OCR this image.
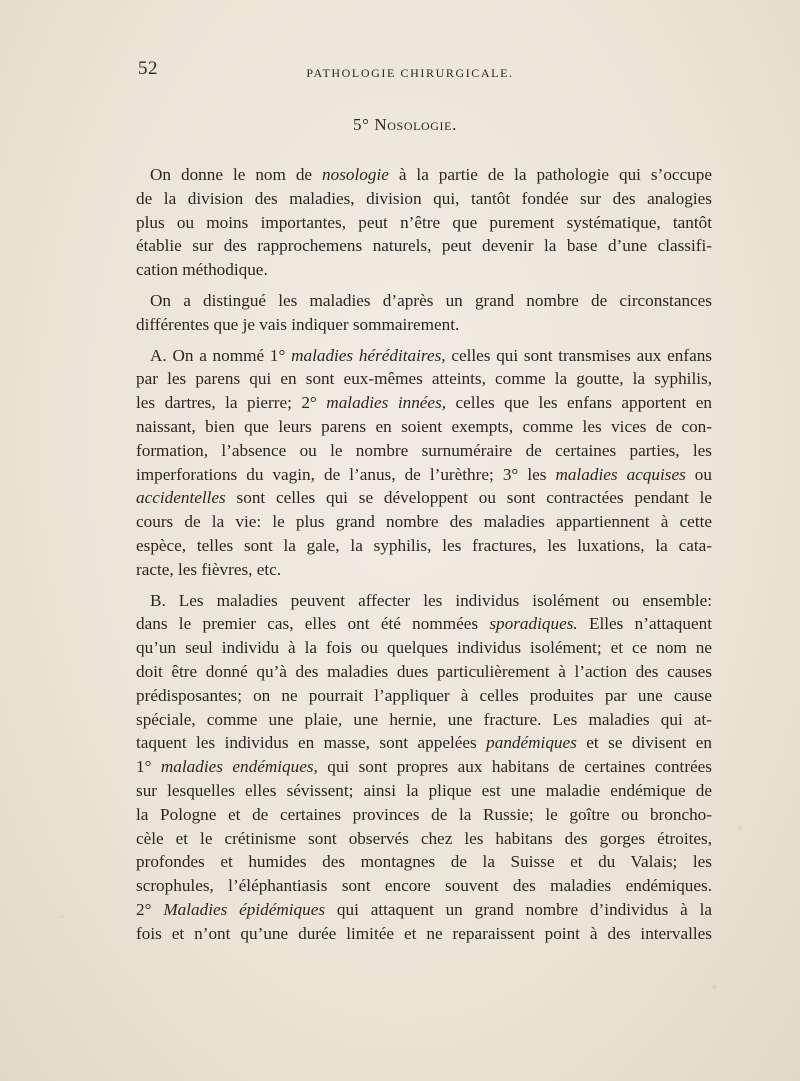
52	PATHOLOGIE CHIRURGICALE.
5° Nosologie.

On donne le nom de nosologie à la partie de la pathologie qui s’occupe
de la division des maladies, division qui, tantôt fondée sur des analogies
plus ou moins importantes, peut n’être que purement systématique, tantôt
établie sur des rapprochemens naturels, peut devenir la base d’une classifi-
cation méthodique.

On a distingué les maladies d’après un grand nombre de circonstances
différentes que je vais indiquer sommairement.

A. On a nommé 1° maladies héréditaires, celles qui sont transmises aux enfans
par les parens qui en sont eux-mêmes atteints, comme la goutte, la syphilis,
les dartres, la pierre; 2° maladies innées, celles que les enfans apportent en
naissant, bien que leurs parens en soient exempts, comme les vices de con-
formation, l’absence ou le nombre surnuméraire de certaines parties, les
imperforations du vagin, de l’anus, de l’urèthre; 3° les maladies acquises ou
accidentelles sont celles qui se développent ou sont contractées pendant le
cours de la vie: le plus grand nombre des maladies appartiennent à cette
espèce, telles sont la gale, la syphilis, les fractures, les luxations, la cata-
racte, les fièvres, etc.

B. Les maladies peuvent affecter les individus isolément ou ensemble:
dans le premier cas, elles ont été nommées sporadiques. Elles n’attaquent
qu’un seul individu à la fois ou quelques individus isolément; et ce nom ne
doit être donné qu’à des maladies dues particulièrement à l’action des causes
prédisposantes; on ne pourrait l’appliquer à celles produites par une cause
spéciale, comme une plaie, une hernie, une fracture. Les maladies qui at-
taquent les individus en masse, sont appelées pandémiques et se divisent en
1° maladies endémiques, qui sont propres aux habitans de certaines contrées
sur lesquelles elles sévissent; ainsi la plique est une maladie endémique de
la Pologne et de certaines provinces de la Russie; le goître ou broncho-
cèle et le crétinisme sont observés chez les habitans des gorges étroites,
profondes et humides des montagnes de la Suisse et du Valais; les
scrophules, l’éléphantiasis sont encore souvent des maladies endémiques.
2° Maladies épidémiques qui attaquent un grand nombre d’individus à la
fois et n’ont qu’une durée limitée et ne reparaissent point à des intervalles
